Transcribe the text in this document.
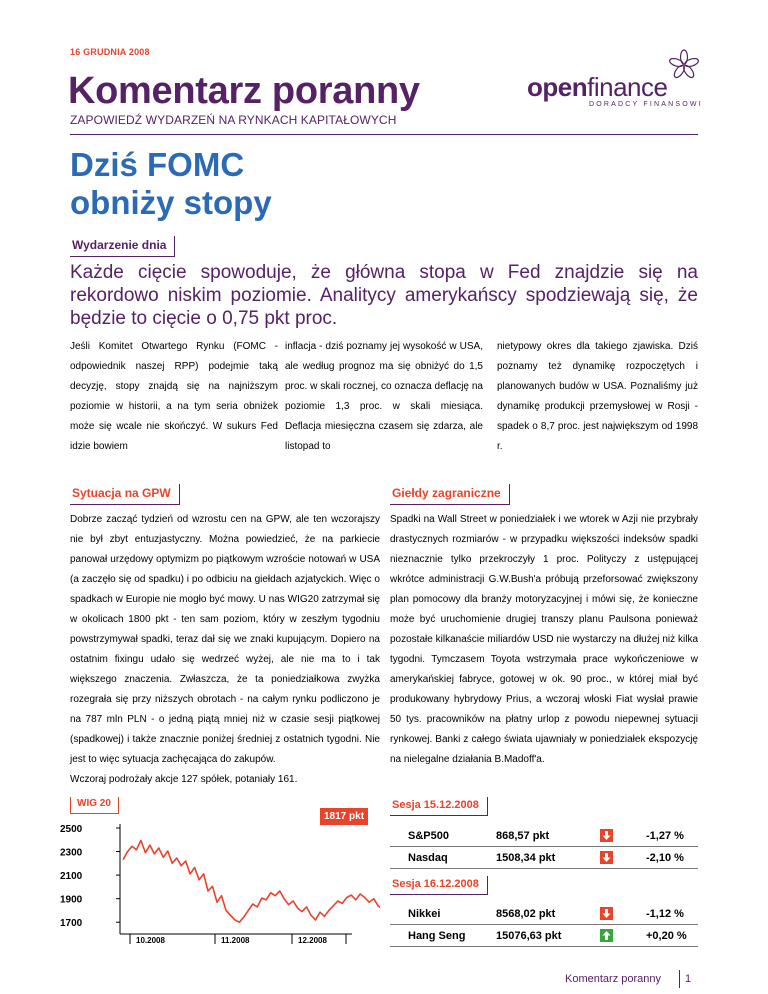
16 GRUDNIA 2008
Komentarz poranny
ZAPOWIEDŹ WYDARZEŃ NA RYNKACH KAPITAŁOWYCH
openfinance
DORADCY FINANSOWI
Dziś FOMC
obniży stopy
Wydarzenie dnia
Każde cięcie spowoduje, że główna stopa w Fed znajdzie się na rekordowo niskim poziomie. Analitycy amerykańscy spodziewają się, że będzie to cięcie o 0,75 pkt proc.
Jeśli Komitet Otwartego Rynku (FOMC - odpowiednik naszej RPP) podejmie taką decyzję, stopy znajdą się na najniższym poziomie w historii, a na tym seria obniżek może się wcale nie skończyć. W sukurs Fed idzie bowiem
inflacja - dziś poznamy jej wysokość w USA, ale według prognoz ma się obniżyć do 1,5 proc. w skali rocznej, co oznacza deflację na poziomie 1,3 proc. w skali miesiąca. Deflacja miesięczna czasem się zdarza, ale listopad to
nietypowy okres dla takiego zjawiska. Dziś poznamy też dynamikę rozpoczętych i planowanych budów w USA. Poznaliśmy już dynamikę produkcji przemysłowej w Rosji - spadek o 8,7 proc. jest największym od 1998 r.
Sytuacja na GPW	Giełdy zagraniczne
Dobrze zacząć tydzień od wzrostu cen na GPW, ale ten wczorajszy nie był zbyt entuzjastyczny. Można powiedzieć, że na parkiecie panował urzędowy optymizm po piątkowym wzroście notowań w USA (a zaczęło się od spadku) i po odbiciu na giełdach azjatyckich. Więc o spadkach w Europie nie mogło być mowy. U nas WIG20 zatrzymał się w okolicach 1800 pkt - ten sam poziom, który w zeszłym tygodniu powstrzymywał spadki, teraz dał się we znaki kupującym. Dopiero na ostatnim fixingu udało się wedrzeć wyżej, ale nie ma to i tak większego znaczenia. Zwłaszcza, że ta poniedziałkowa zwyżka rozegrała się przy niższych obrotach - na całym rynku podliczono je na 787 mln PLN - o jedną piątą mniej niż w czasie sesji piątkowej (spadkowej) i także znacznie poniżej średniej z ostatnich tygodni. Nie jest to więc sytuacja zachęcająca do zakupów.
Wczoraj podrożały akcje 127 spółek, potaniały 161.
Spadki na Wall Street w poniedziałek i we wtorek w Azji nie przybrały drastycznych rozmiarów - w przypadku większości indeksów spadki nieznacznie tylko przekroczyły 1 proc. Polityczy z ustępującej wkrótce administracji G.W.Bush'a próbują przeforsować zwiększony plan pomocowy dla branży motoryzacyjnej i mówi się, że konieczne może być uruchomienie drugiej transzy planu Paulsona ponieważ pozostałe kilkanaście miliardów USD nie wystarczy na dłużej niż kilka tygodni. Tymczasem Toyota wstrzymała prace wykończeniowe w amerykańskiej fabryce, gotowej w ok. 90 proc., w której miał być produkowany hybrydowy Prius, a wczoraj włoski Fiat wysłał prawie 50 tys. pracowników na płatny urlop z powodu niepewnej sytuacji rynkowej. Banki z całego świata ujawniały w poniedziałek ekspozycję na nielegalne działania B.Madoff'a.
WIG 20
1817 pkt
2500
2300
2100
1900
1700
10.2008	11.2008	12.2008
Sesja 15.12.2008
S&P500	868,57 pkt	-1,27 %
Nasdaq	1508,34 pkt	-2,10 %
Sesja 16.12.2008
Nikkei	8568,02 pkt	-1,12 %
Hang Seng	15076,63 pkt	+0,20 %
Komentarz poranny 1
